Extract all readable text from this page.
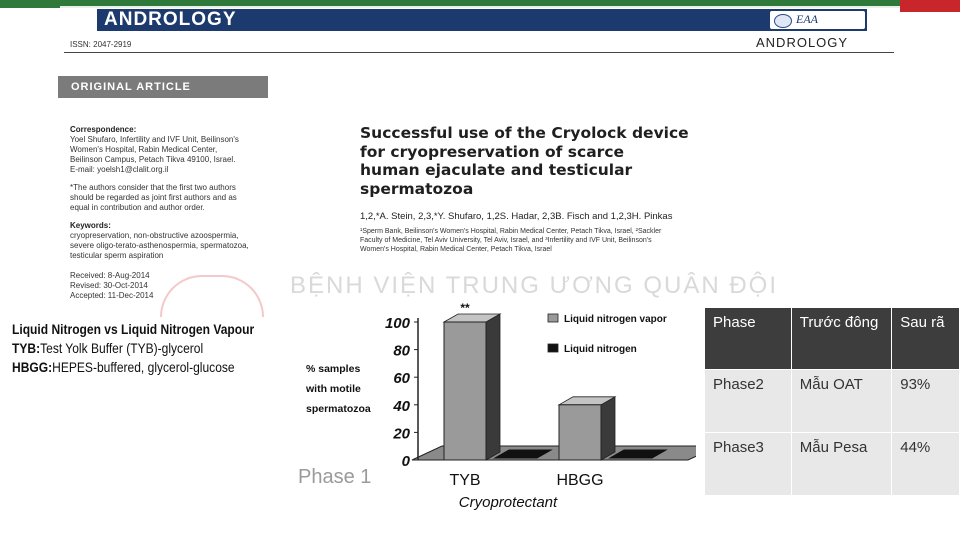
ANDROLOGY	EAA
ISSN: 2047-2919	ANDROLOGY
ORIGINAL ARTICLE

Correspondence:
Yoel Shufaro, Infertility and IVF Unit, Beilinson's
Women's Hospital, Rabin Medical Center,
Beilinson Campus, Petach Tikva 49100, Israel.
E-mail: yoelsh1@clalit.org.il

*The authors consider that the first two authors
should be regarded as joint first authors and as
equal in contribution and author order.

Keywords:
cryopreservation, non-obstructive azoospermia,
severe oligo-terato-asthenospermia, spermatozoa,
testicular sperm aspiration

Received: 8-Aug-2014
Revised: 30-Oct-2014
Accepted: 11-Dec-2014

Successful use of the Cryolock device
for cryopreservation of scarce
human ejaculate and testicular
spermatozoa
1,2,*A. Stein, 2,3,*Y. Shufaro, 1,2S. Hadar, 2,3B. Fisch and 1,2,3H. Pinkas
¹Sperm Bank, Beilinson's Women's Hospital, Rabin Medical Center, Petach Tikva, Israel, ²Sackler
Faculty of Medicine, Tel Aviv University, Tel Aviv, Israel, and ³Infertility and IVF Unit, Beilinson's
Women's Hospital, Rabin Medical Center, Petach Tikva, Israel
BỆNH VIỆN TRUNG ƯƠNG QUÂN ĐỘI
Liquid Nitrogen vs Liquid Nitrogen Vapour
TYB:Test Yolk Buffer (TYB)-glycerol
HBGG:HEPES-buffered, glycerol-glucose
0
20
40
60
80
100
% samples
with motile
spermatozoa
**
TYB	HBGG
Cryoprotectant
Liquid nitrogen vapor
Liquid nitrogen
Phase 1
Phase	Trước đông	Sau rã
Phase2	Mẫu OAT	93%
Phase3	Mẫu Pesa	44%
